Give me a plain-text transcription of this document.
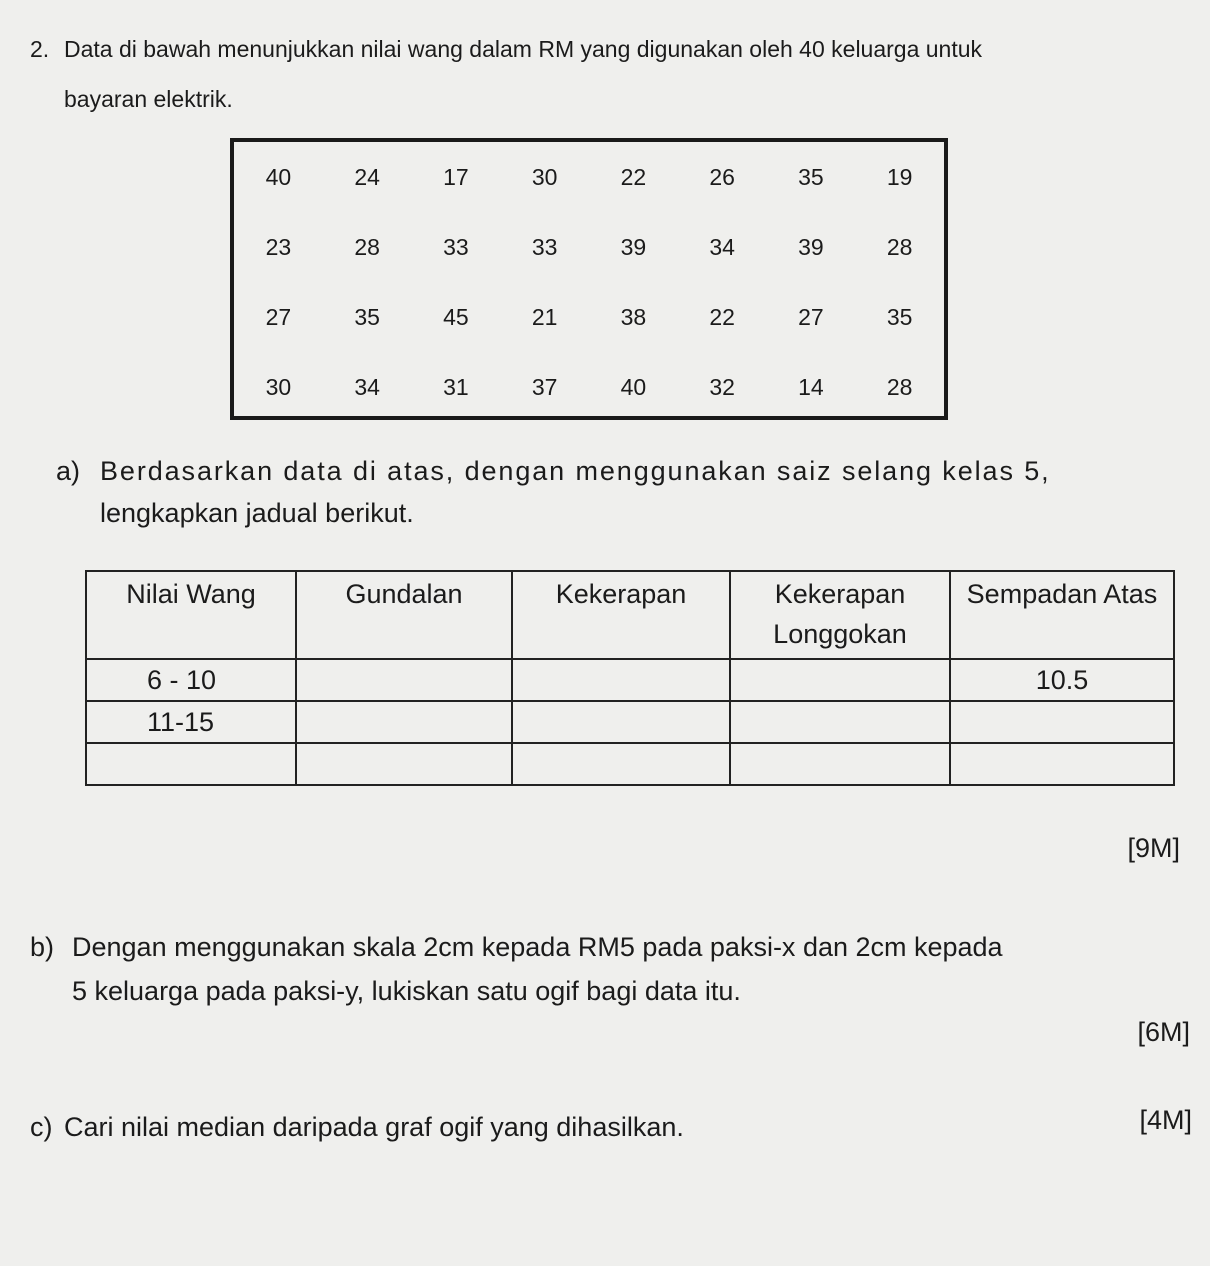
2. Data di bawah menunjukkan nilai wang dalam RM yang digunakan oleh 40 keluarga untuk
bayaran elektrik.
40	24	17	30	22	26	35	19
23	28	33	33	39	34	39	28
27	35	45	21	38	22	27	35
30	34	31	37	40	32	14	28
a) Berdasarkan data di atas, dengan menggunakan saiz selang kelas 5,
lengkapkan jadual berikut.
Nilai Wang	Gundalan	Kekerapan	Kekerapan Longgokan	Sempadan Atas
6 - 10				10.5
11-15				

[9M]
b) Dengan menggunakan skala 2cm kepada RM5 pada paksi-x dan 2cm kepada
5 keluarga pada paksi-y, lukiskan satu ogif bagi data itu.
[6M]
c) Cari nilai median daripada graf ogif yang dihasilkan.	[4M]
